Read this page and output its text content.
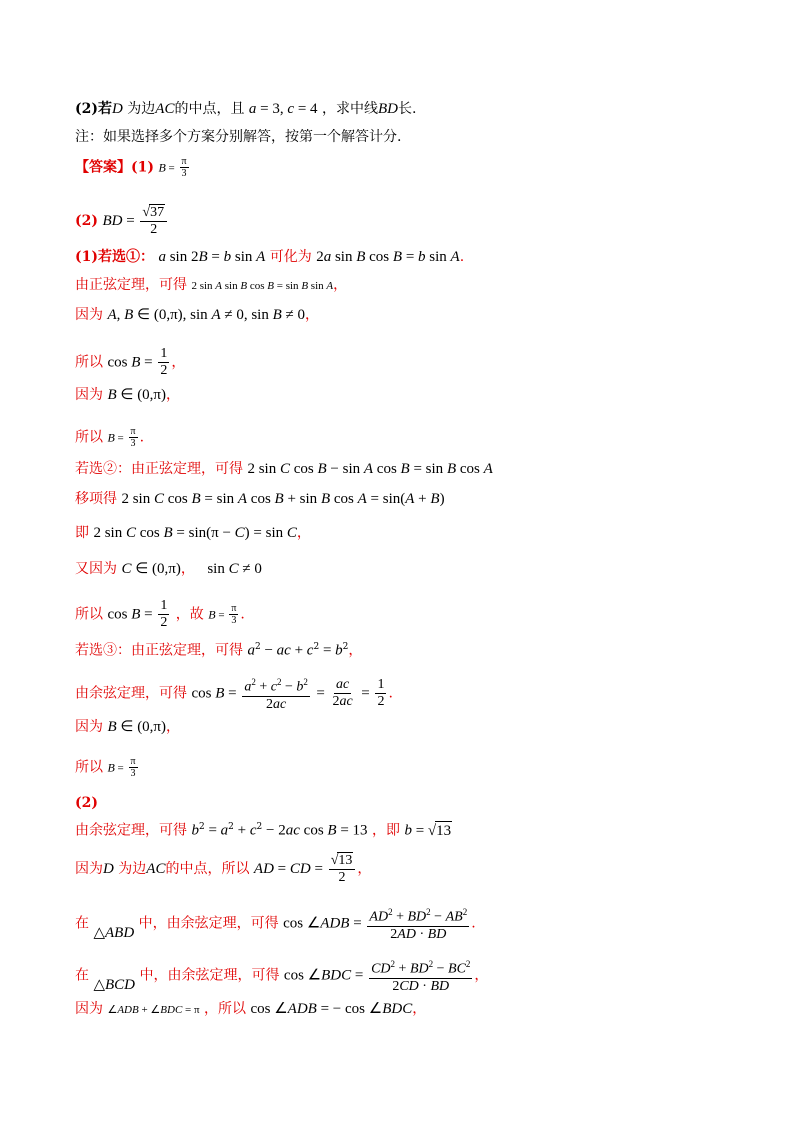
(2)若D 为边AC的中点，且 a = 3, c = 4 ，求中线BD长.
注：如果选择多个方案分别解答，按第一个解答计分.
【答案】(1) $B = \frac{\pi}{3}$
(2) BD = $\frac{√37}{2}$
(1)若选①： a sin 2B = b sin A 可化为 2a sin B cos B = b sin A.
由正弦定理，可得 2 sin A sin B cos B = sin B sin A，
因为 A, B ∈ (0,π), sin A ≠ 0, sin B ≠ 0，
所以 $\cos B = \frac{1}{2}$ ，
因为 B ∈ (0,π)，
所以 $B = \frac{\pi}{3}$ .
若选②：由正弦定理，可得 2 sin C cos B − sin A cos B = sin B cos A
移项得 2 sin C cos B = sin A cos B + sin B cos A = sin(A + B)
即 2 sin C cos B = sin(π − C) = sin C，
又因为 C ∈ (0,π)， sin C ≠ 0
所以 $\cos B = \frac{1}{2}$ ，故 $B = \frac{\pi}{3}$ .
若选③：由正弦定理，可得 $a^2$ − ac + $c^2 = b^2$，
由余弦定理，可得 $\cos B = \frac{a^2 + c^2 - b^2}{2ac} = \frac{ac}{2ac} = \frac{1}{2}$ .
因为 B ∈ (0,π)，
所以 $B = \frac{\pi}{3}$
(2)
由余弦定理，可得 $b^2 = a^2 + c^2 - 2ac$ cos B = 13 ，即 b = √13
因为D 为边AC的中点，所以 AD = CD = $\frac{√13}{2}$ ，
在 △ABD 中，由余弦定理，可得 cos ∠ADB = $\frac{AD^2 + BD^2 - AB^2}{2AD \cdot BD}$ .
在 △BCD 中，由余弦定理，可得 cos ∠BDC = $\frac{CD^2 + BD^2 - BC^2}{2CD \cdot BD}$ ，
因为 ∠ADB + ∠BDC = π ，所以 cos ∠ADB = − cos ∠BDC，
